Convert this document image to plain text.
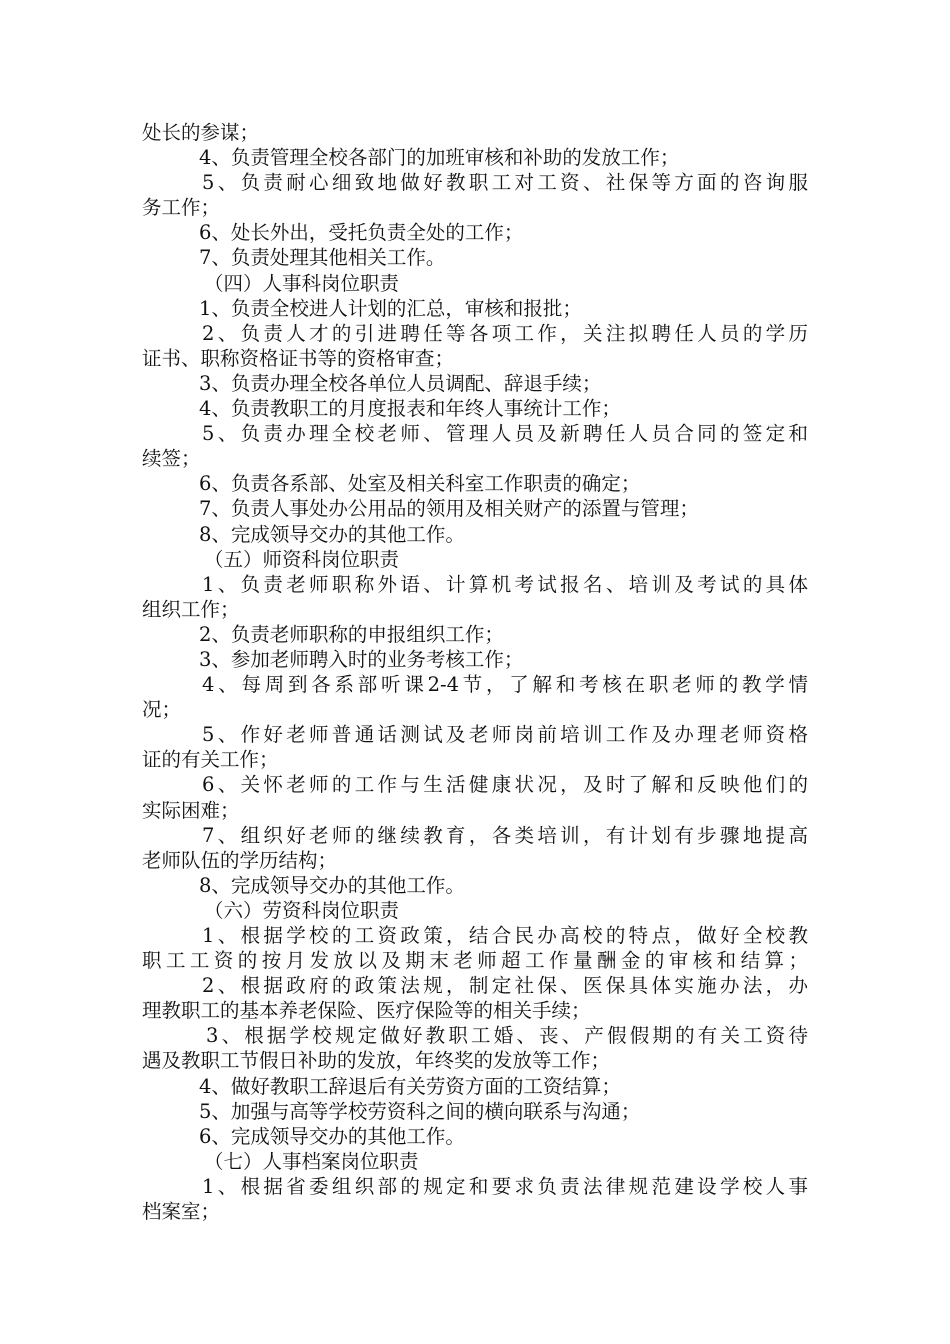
处长的参谋；
4、负责管理全校各部门的加班审核和补助的发放工作；
5、负责耐心细致地做好教职工对工资、社保等方面的咨询服
务工作；
6、处长外出，受托负责全处的工作；
7、负责处理其他相关工作。
（四）人事科岗位职责
1、负责全校进人计划的汇总，审核和报批；
2、负责人才的引进聘任等各项工作，关注拟聘任人员的学历
证书、职称资格证书等的资格审查；
3、负责办理全校各单位人员调配、辞退手续；
4、负责教职工的月度报表和年终人事统计工作；
5、负责办理全校老师、管理人员及新聘任人员合同的签定和
续签；
6、负责各系部、处室及相关科室工作职责的确定；
7、负责人事处办公用品的领用及相关财产的添置与管理；
8、完成领导交办的其他工作。
（五）师资科岗位职责
1、负责老师职称外语、计算机考试报名、培训及考试的具体
组织工作；
2、负责老师职称的申报组织工作；
3、参加老师聘入时的业务考核工作；
4、每周到各系部听课2-4节，了解和考核在职老师的教学情
况；
5、作好老师普通话测试及老师岗前培训工作及办理老师资格
证的有关工作；
6、关怀老师的工作与生活健康状况，及时了解和反映他们的
实际困难；
7、组织好老师的继续教育，各类培训，有计划有步骤地提高
老师队伍的学历结构；
8、完成领导交办的其他工作。
（六）劳资科岗位职责
1、根据学校的工资政策，结合民办高校的特点，做好全校教
职工工资的按月发放以及期末老师超工作量酬金的审核和结算；
2、根据政府的政策法规，制定社保、医保具体实施办法，办
理教职工的基本养老保险、医疗保险等的相关手续；
3、根据学校规定做好教职工婚、丧、产假假期的有关工资待
遇及教职工节假日补助的发放，年终奖的发放等工作；
4、做好教职工辞退后有关劳资方面的工资结算；
5、加强与高等学校劳资科之间的横向联系与沟通；
6、完成领导交办的其他工作。
（七）人事档案岗位职责
1、根据省委组织部的规定和要求负责法律规范建设学校人事
档案室；
